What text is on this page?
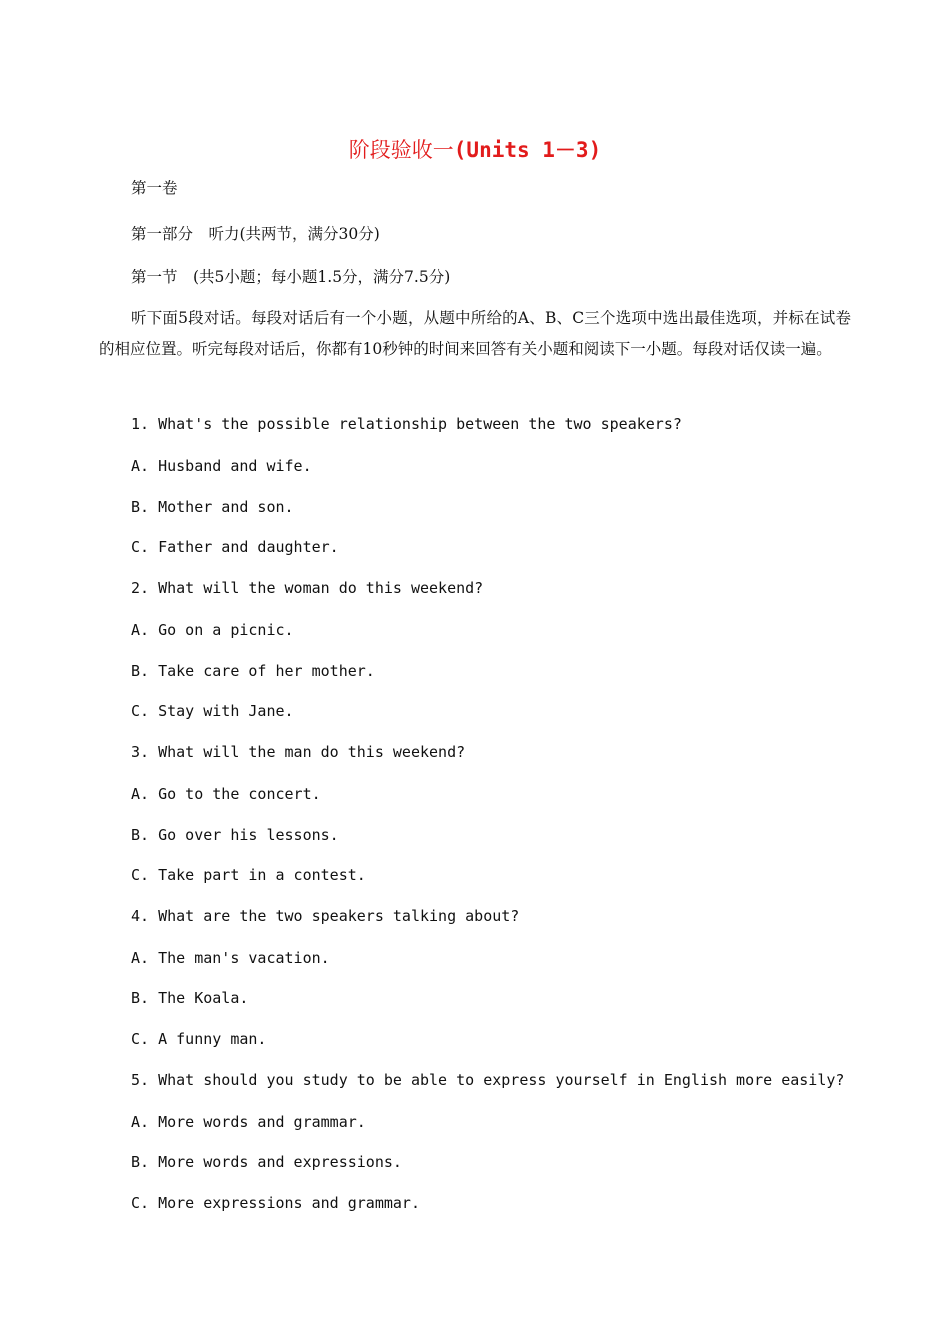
阶段验收一(Units 1－3)
第一卷
第一部分　听力(共两节，满分30分)
第一节　(共5小题；每小题1.5分，满分7.5分)
听下面5段对话。每段对话后有一个小题，从题中所给的A、B、C三个选项中选出最佳选项，并标在试卷的相应位置。听完每段对话后，你都有10秒钟的时间来回答有关小题和阅读下一小题。每段对话仅读一遍。
1. What's the possible relationship between the two speakers?
A. Husband and wife.
B. Mother and son.
C. Father and daughter.
2. What will the woman do this weekend?
A. Go on a picnic.
B. Take care of her mother.
C. Stay with Jane.
3. What will the man do this weekend?
A. Go to the concert.
B. Go over his lessons.
C. Take part in a contest.
4. What are the two speakers talking about?
A. The man's vacation.
B. The Koala.
C. A funny man.
5. What should you study to be able to express yourself in English more easily?
A. More words and grammar.
B. More words and expressions.
C. More expressions and grammar.
